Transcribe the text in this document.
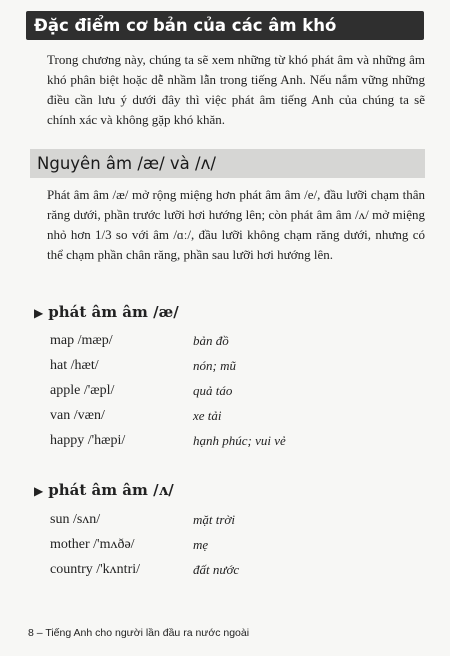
Đặc điểm cơ bản của các âm khó

Trong chương này, chúng ta sẽ xem những từ khó phát âm và những âm khó phân biệt hoặc dễ nhầm lẫn trong tiếng Anh. Nếu nắm vững những điều cần lưu ý dưới đây thì việc phát âm tiếng Anh của chúng ta sẽ chính xác và không gặp khó khăn.

Nguyên âm /æ/ và /ʌ/

Phát âm âm /æ/ mở rộng miệng hơn phát âm âm /e/, đầu lưỡi chạm thân răng dưới, phần trước lưỡi hơi hướng lên; còn phát âm âm /ʌ/ mở miệng nhỏ hơn 1/3 so với âm /ɑː/, đầu lưỡi không chạm răng dưới, nhưng có thể chạm phần chân răng, phần sau lưỡi hơi hướng lên.

▶ phát âm âm /æ/
map /mæp/	bản đồ
hat /hæt/	nón; mũ
apple /'æpl/	quả táo
van /væn/	xe tải
happy /'hæpi/	hạnh phúc; vui vẻ
▶ phát âm âm /ʌ/
sun /sʌn/	mặt trời
mother /'mʌðə/	mẹ
country /'kʌntri/	đất nước
8 – Tiếng Anh cho người lần đầu ra nước ngoài
